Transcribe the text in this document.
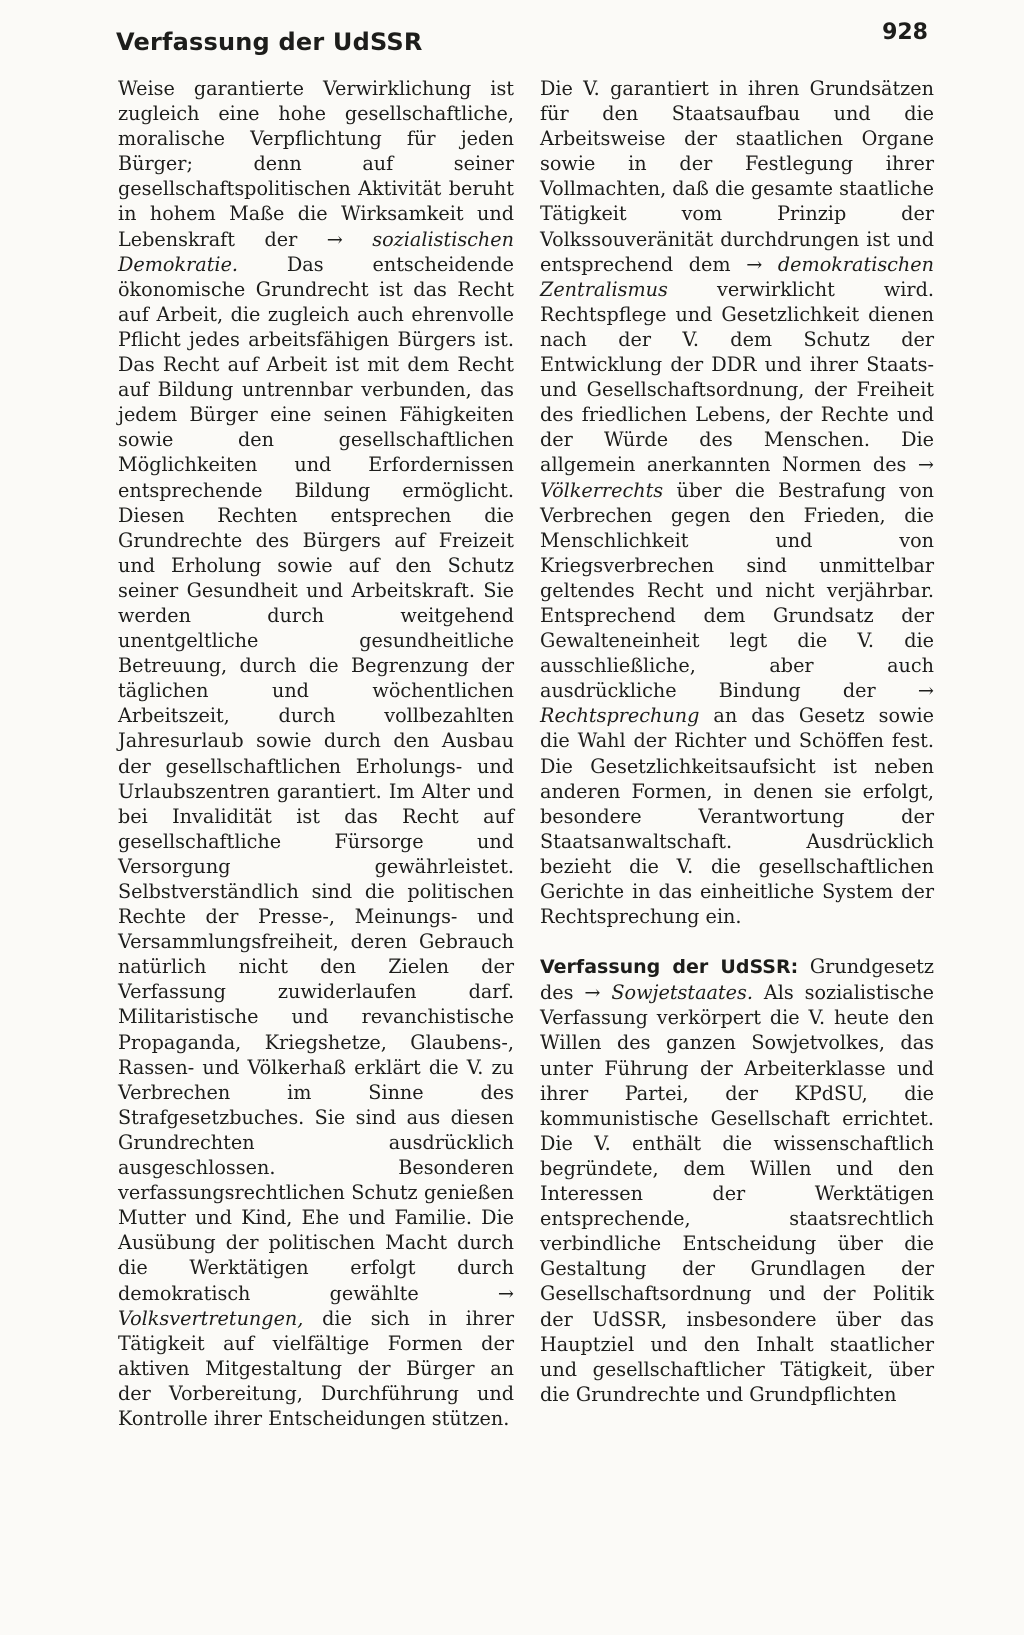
Verfassung der UdSSR	928

Weise garantierte Verwirklichung ist zugleich eine hohe gesellschaftliche, moralische Verpflichtung für jeden Bürger; denn auf seiner gesellschaftspolitischen Aktivität beruht in hohem Maße die Wirksamkeit und Lebenskraft der → sozialistischen Demokratie. Das entscheidende ökonomische Grundrecht ist das Recht auf Arbeit, die zugleich auch ehrenvolle Pflicht jedes arbeitsfähigen Bürgers ist. Das Recht auf Arbeit ist mit dem Recht auf Bildung untrennbar verbunden, das jedem Bürger eine seinen Fähigkeiten sowie den gesellschaftlichen Möglichkeiten und Erfordernissen entsprechende Bildung ermöglicht. Diesen Rechten entsprechen die Grundrechte des Bürgers auf Freizeit und Erholung sowie auf den Schutz seiner Gesundheit und Arbeitskraft. Sie werden durch weitgehend unentgeltliche gesundheitliche Betreuung, durch die Begrenzung der täglichen und wöchentlichen Arbeitszeit, durch vollbezahlten Jahresurlaub sowie durch den Ausbau der gesellschaftlichen Erholungs- und Urlaubszentren garantiert. Im Alter und bei Invalidität ist das Recht auf gesellschaftliche Fürsorge und Versorgung gewährleistet. Selbstverständlich sind die politischen Rechte der Presse-, Meinungs- und Versammlungsfreiheit, deren Gebrauch natürlich nicht den Zielen der Verfassung zuwiderlaufen darf. Militaristische und revanchistische Propaganda, Kriegshetze, Glaubens-, Rassen- und Völkerhaß erklärt die V. zu Verbrechen im Sinne des Strafgesetzbuches. Sie sind aus diesen Grundrechten ausdrücklich ausgeschlossen. Besonderen verfassungsrechtlichen Schutz genießen Mutter und Kind, Ehe und Familie. Die Ausübung der politischen Macht durch die Werktätigen erfolgt durch demokratisch gewählte → Volksvertretungen, die sich in ihrer Tätigkeit auf vielfältige Formen der aktiven Mitgestaltung der Bürger an der Vorbereitung, Durchführung und Kontrolle ihrer Entscheidungen stützen.

Die V. garantiert in ihren Grundsätzen für den Staatsaufbau und die Arbeitsweise der staatlichen Organe sowie in der Festlegung ihrer Vollmachten, daß die gesamte staatliche Tätigkeit vom Prinzip der Volkssouveränität durchdrungen ist und entsprechend dem → demokratischen Zentralismus verwirklicht wird. Rechtspflege und Gesetzlichkeit dienen nach der V. dem Schutz der Entwicklung der DDR und ihrer Staats- und Gesellschaftsordnung, der Freiheit des friedlichen Lebens, der Rechte und der Würde des Menschen. Die allgemein anerkannten Normen des → Völkerrechts über die Bestrafung von Verbrechen gegen den Frieden, die Menschlichkeit und von Kriegsverbrechen sind unmittelbar geltendes Recht und nicht verjährbar. Entsprechend dem Grundsatz der Gewalteneinheit legt die V. die ausschließliche, aber auch ausdrückliche Bindung der → Rechtsprechung an das Gesetz sowie die Wahl der Richter und Schöffen fest. Die Gesetzlichkeitsaufsicht ist neben anderen Formen, in denen sie erfolgt, besondere Verantwortung der Staatsanwaltschaft. Ausdrücklich bezieht die V. die gesellschaftlichen Gerichte in das einheitliche System der Rechtsprechung ein.

Verfassung der UdSSR: Grundgesetz des → Sowjetstaates. Als sozialistische Verfassung verkörpert die V. heute den Willen des ganzen Sowjetvolkes, das unter Führung der Arbeiterklasse und ihrer Partei, der KPdSU, die kommunistische Gesellschaft errichtet. Die V. enthält die wissenschaftlich begründete, dem Willen und den Interessen der Werktätigen entsprechende, staatsrechtlich verbindliche Entscheidung über die Gestaltung der Grundlagen der Gesellschaftsordnung und der Politik der UdSSR, insbesondere über das Hauptziel und den Inhalt staatlicher und gesellschaftlicher Tätigkeit, über die Grundrechte und Grundpflichten
